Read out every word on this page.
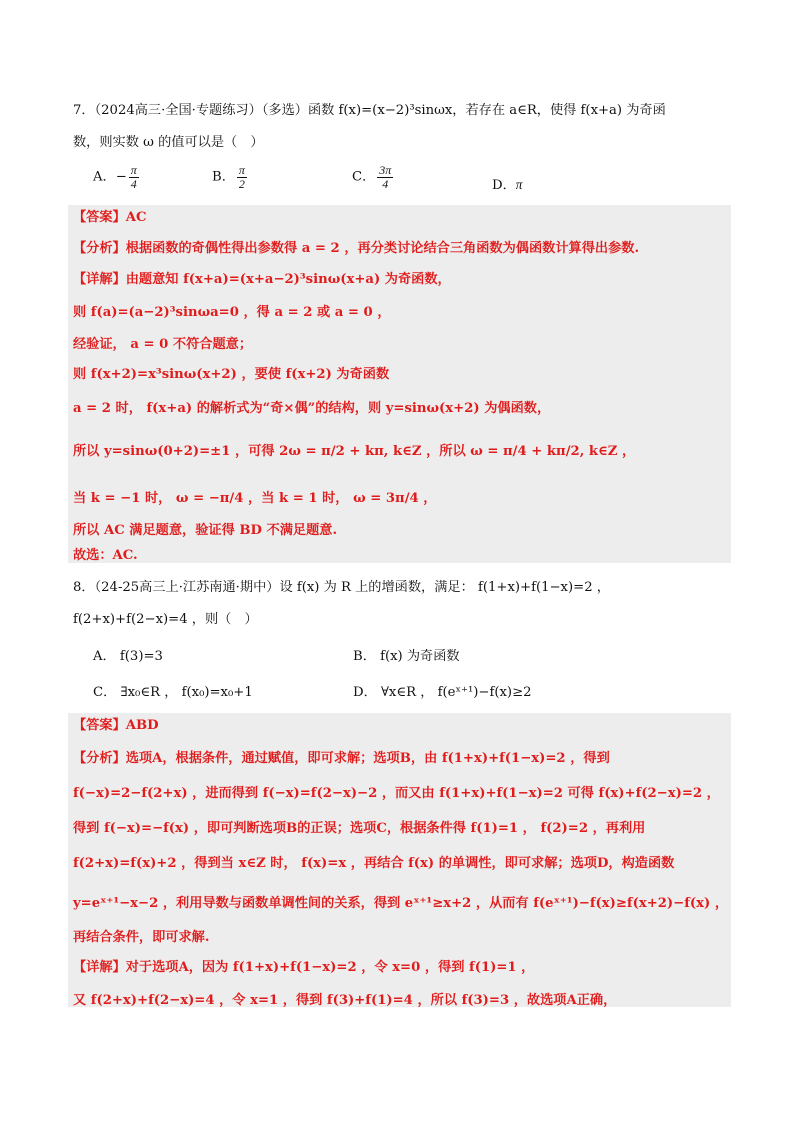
7．（2024高三·全国·专题练习）（多选）函数 f(x)=(x−2)³sinωx，若存在 a∈R，使得 f(x+a) 为奇函
数，则实数 ω 的值可以是（　）
A．− $\frac{\pi}{4}$	B． $\frac{\pi}{2}$	C． $\frac{3\pi}{4}$	D．π
【答案】AC
【分析】根据函数的奇偶性得出参数得 a = 2 ，再分类讨论结合三角函数为偶函数计算得出参数.
【详解】由题意知 f(x+a)=(x+a−2)³sinω(x+a) 为奇函数，
则 f(a)=(a−2)³sinωa=0 ，得 a = 2 或 a = 0 ，
经验证， a = 0 不符合题意；
则 f(x+2)=x³sinω(x+2) ，要使 f(x+2) 为奇函数
a = 2 时， f(x+a) 的解析式为“奇×偶”的结构，则 y=sinω(x+2) 为偶函数，
所以 y=sinω(0+2)=±1 ，可得 2ω = π/2 + kπ, k∈Z ，所以 ω = π/4 + kπ/2, k∈Z ，
当 k = −1 时， ω = −π/4 ，当 k = 1 时， ω = 3π/4 ，
所以 AC 满足题意，验证得 BD 不满足题意.
故选：AC.
8．（24-25高三上·江苏南通·期中）设 f(x) 为 R 上的增函数，满足： f(1+x)+f(1−x)=2 ，
f(2+x)+f(2−x)=4 ，则（　）
A． f(3)=3	B． f(x) 为奇函数
C． ∃x₀∈R ， f(x₀)=x₀+1	D． ∀x∈R ， f(eˣ⁺¹)−f(x)≥2
【答案】ABD
【分析】选项A，根据条件，通过赋值，即可求解；选项B，由 f(1+x)+f(1−x)=2 ，得到
f(−x)=2−f(2+x) ，进而得到 f(−x)=f(2−x)−2 ，而又由 f(1+x)+f(1−x)=2 可得 f(x)+f(2−x)=2 ，
得到 f(−x)=−f(x) ，即可判断选项B的正误；选项C，根据条件得 f(1)=1 ， f(2)=2 ，再利用
f(2+x)=f(x)+2 ，得到当 x∈Z 时， f(x)=x ，再结合 f(x) 的单调性，即可求解；选项D，构造函数
y=eˣ⁺¹−x−2 ，利用导数与函数单调性间的关系，得到 eˣ⁺¹≥x+2 ，从而有 f(eˣ⁺¹)−f(x)≥f(x+2)−f(x) ，
再结合条件，即可求解.
【详解】对于选项A，因为 f(1+x)+f(1−x)=2 ，令 x=0 ，得到 f(1)=1 ，
又 f(2+x)+f(2−x)=4 ，令 x=1 ，得到 f(3)+f(1)=4 ，所以 f(3)=3 ，故选项A正确，
